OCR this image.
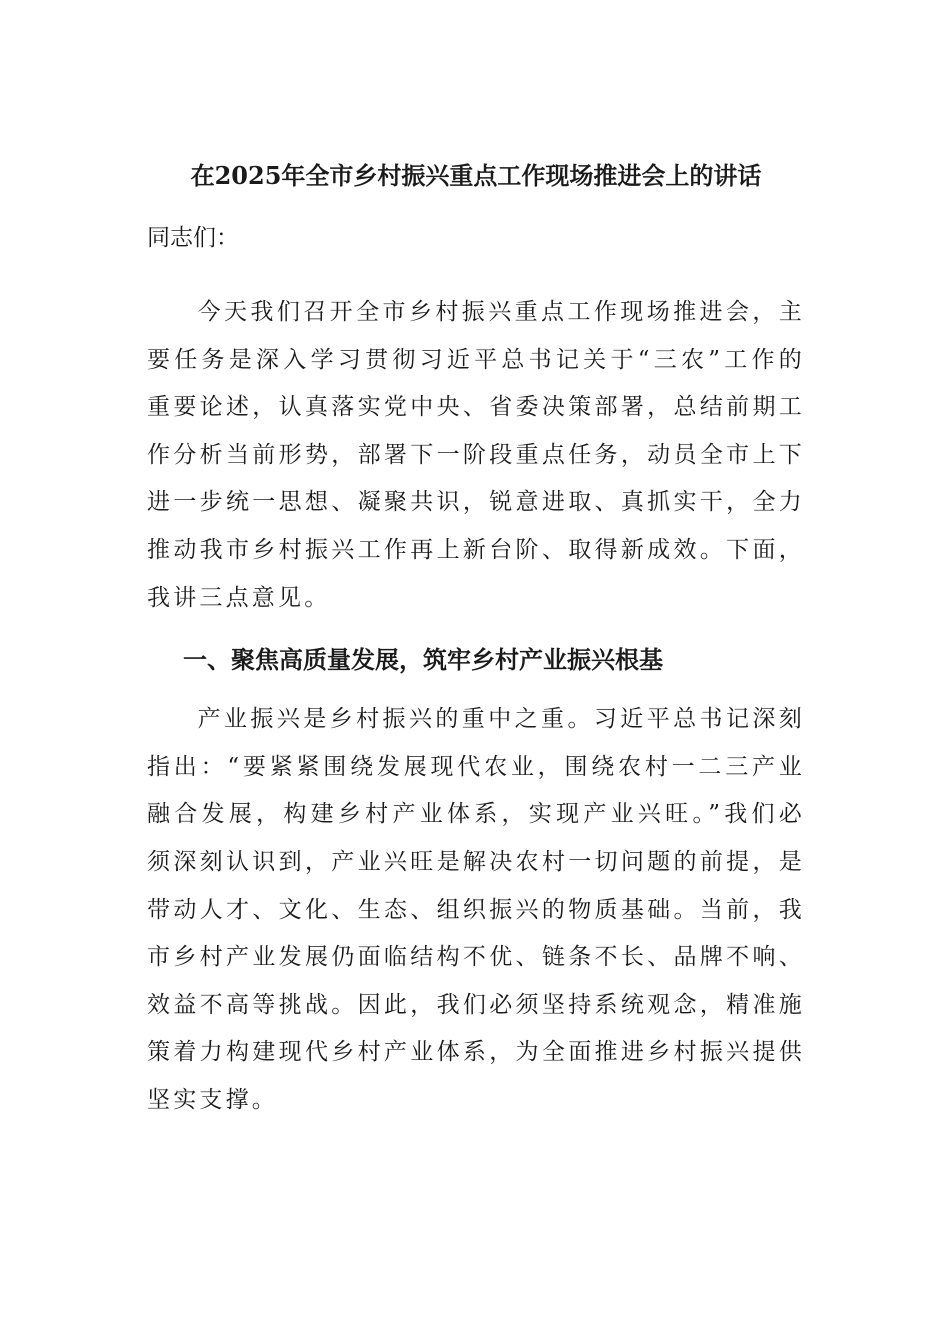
在2025年全市乡村振兴重点工作现场推进会上的讲话

同志们：

今天我们召开全市乡村振兴重点工作现场推进会，主要任务是深入学习贯彻习近平总书记关于“三农”工作的重要论述，认真落实党中央、省委决策部署，总结前期工作分析当前形势，部署下一阶段重点任务，动员全市上下进一步统一思想、凝聚共识，锐意进取、真抓实干，全力推动我市乡村振兴工作再上新台阶、取得新成效。下面，我讲三点意见。

一、聚焦高质量发展，筑牢乡村产业振兴根基

产业振兴是乡村振兴的重中之重。习近平总书记深刻指出：“要紧紧围绕发展现代农业，围绕农村一二三产业融合发展，构建乡村产业体系，实现产业兴旺。”我们必须深刻认识到，产业兴旺是解决农村一切问题的前提，是带动人才、文化、生态、组织振兴的物质基础。当前，我市乡村产业发展仍面临结构不优、链条不长、品牌不响、效益不高等挑战。因此，我们必须坚持系统观念，精准施策着力构建现代乡村产业体系，为全面推进乡村振兴提供坚实支撑。
